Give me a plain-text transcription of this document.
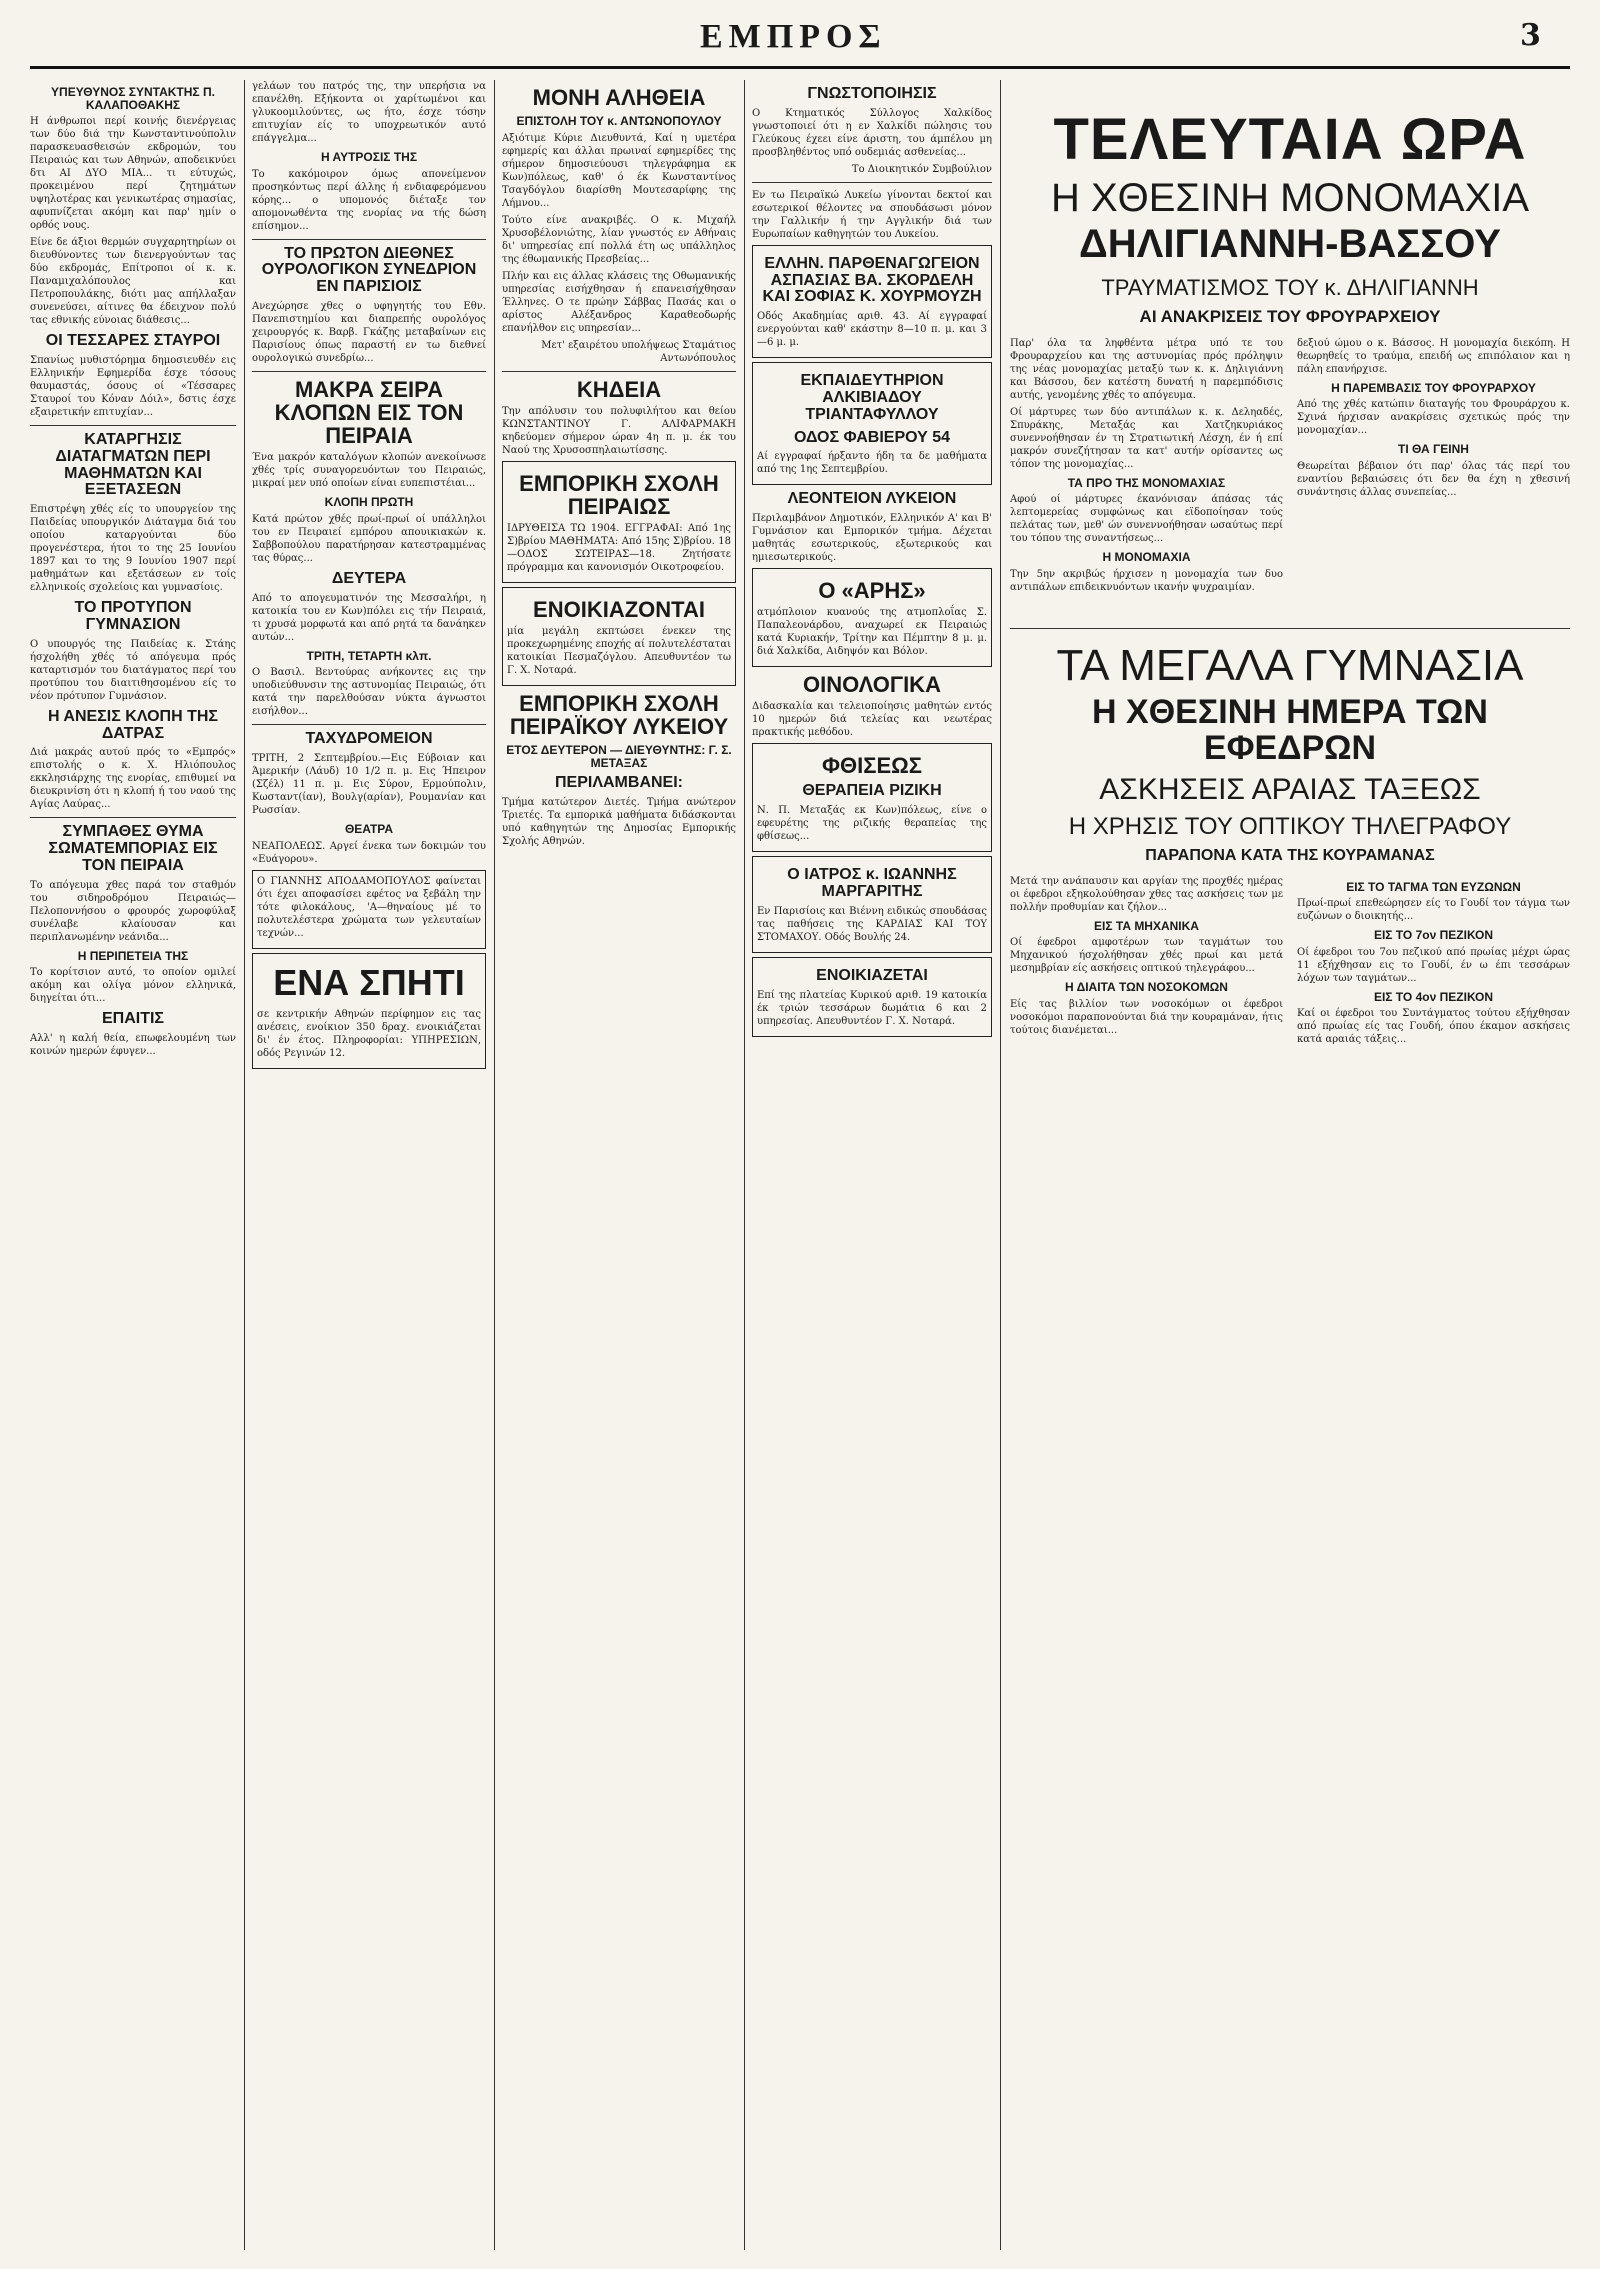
ΕΜΠΡΟΣ	3
ΥΠΕΥΘΥΝΟΣ ΣΥΝΤΑΚΤΗΣ Π. ΚΑΛΑΠΟΘΑΚΗΣ

Η άνθρωποι περί κοινής διενέργειας των δύο διά την Κωνσταντινούπολιν παρασκευασθεισών εκδρομών, του Πειραιώς και των Αθηνών, αποδεικνύει δτι ΑΙ ΔΥΟ ΜΙΑ... τι εύτυχώς, προκειμένου περί ζητημάτων υψηλοτέρας και γενικωτέρας σημασίας, αφυπνίζεται ακόμη και παρ' ημίν ο ορθός νους.

Είνε δε άξιοι θερμών συγχαρητηρίων οι διευθύνοντες των διενεργούντων τας δύο εκδρομάς, Επίτροποι οί κ. κ. Παναμιχαλόπουλος και Πετροπουλάκης, διότι μας απήλλαξαν συνενεύσει, αίτινες θα έδειχνον πολύ τας εθνικής εύνοιας διάθεσις...

ΟΙ ΤΕΣΣΑΡΕΣ ΣΤΑΥΡΟΙ

Σπανίως μυθιστόρημα δημοσιευθέν εις Ελληνικήν Εφημερίδα έσχε τόσους θαυμαστάς, όσους οί «Τέσσαρες Σταυροί του Κόναν Δόιλ», δστις έσχε εξαιρετικήν επιτυχίαν...

ΚΑΤΑΡΓΗΣΙΣ ΔΙΑΤΑΓΜΑΤΩΝ ΠΕΡΙ ΜΑΘΗΜΑΤΩΝ ΚΑΙ ΕΞΕΤΑΣΕΩΝ

Επιστρέψη χθές είς το υπουργείον της Παιδείας υπουργικόν Διάταγμα διά του οποίου καταργούνται δύο προγενέστερα, ήτοι το της 25 Ιουνίου 1897 και το της 9 Ιουνίου 1907 περί μαθημάτων και εξετάσεων εν τοίς ελληνικοίς σχολείοις και γυμνασίοις.

ΤΟ ΠΡΟΤΥΠΟΝ ΓΥΜΝΑΣΙΟΝ

Ο υπουργός της Παιδείας κ. Στάης ήσχολήθη χθές τό απόγευμα πρός καταρτισμόν του διατάγματος περί του προτύπου του διαιτιθησομένου είς το νέον πρότυπον Γυμνάσιον.

Η ΑΝΕΣΙΣ ΚΛΟΠΗ ΤΗΣ ΔΑΤΡΑΣ

Διά μακράς αυτού πρός το «Εμπρός» επιστολής ο κ. Χ. Ηλιόπουλος εκκλησιάρχης της ενορίας, επιθυμεί να διευκρινίση ότι η κλοπή ή του ναού της Αγίας Λαύρας...

ΣΥΜΠΑΘΕΣ ΘΥΜΑ ΣΩΜΑΤΕΜΠΟΡΙΑΣ ΕΙΣ ΤΟΝ ΠΕΙΡΑΙΑ

Το απόγευμα χθες παρά τον σταθμόν του σιδηροδρόμου Πειραιώς—Πελοποννήσου ο φρουρός χωροφύλαξ συνέλαβε κλαίουσαν και περιπλανωμένην νεάνιδα...

Η ΠΕΡΙΠΕΤΕΙΑ ΤΗΣ

Το κορίτσιον αυτό, το οποίον ομιλεί ακόμη και ολίγα μόνον ελληνικά, διηγείται ότι...

ΕΠΑΙΤΙΣ

Αλλ' η καλή θεία, επωφελουμένη των κοινών ημερών έφυγεν...

γελάων του πατρός της, την υπερήσια να επανέλθη. Εξήκοντα οι χαρίτωμένοι και γλυκοομιλούντες, ως ήτο, έσχε τόσην επιτυχίαν είς το υποχρεωτικόν αυτό επάγγελμα...

Η ΑΥΤΡΟΣΙΣ ΤΗΣ

Το κακόμοιρον όμως απονείμενον προσηκόντως περί άλλης ή ενδιαφερόμενου κόρης... ο υπομονός διέταξε τον απομονωθέντα της ενορίας να τής δώση επίσημον...

ΤΟ ΠΡΩΤΟΝ ΔΙΕΘΝΕΣ ΟΥΡΟΛΟΓΙΚΟΝ ΣΥΝΕΔΡΙΟΝ ΕΝ ΠΑΡΙΣΙΟΙΣ

Ανεχώρησε χθες ο υφηγητής του Εθν. Πανεπιστημίου και διαπρεπής ουρολόγος χειρουργός κ. Βαρβ. Γκάζης μεταβαίνων εις Παρισίους όπως παραστή εν τω διεθνεί ουρολογικώ συνεδρίω...

ΜΑΚΡΑ ΣΕΙΡΑ ΚΛΟΠΩΝ ΕΙΣ ΤΟΝ ΠΕΙΡΑΙΑ

Ένα μακρόν καταλόγων κλοπών ανεκοίνωσε χθές τρίς συναγορευόντων του Πειραιώς, μικραί μεν υπό οποίων είναι ευπεπιστέιαι...

ΚΛΟΠΗ ΠΡΩΤΗ

Κατά πρώτον χθές πρωί-πρωί οί υπάλληλοι του εν Πειραιεί εμπόρου απουικιακών κ. Σαββοπούλου παρατήρησαν κατεστραμμένας τας θύρας...

ΔΕΥΤΕΡΑ

Από το απογευματινόν της Μεσσαλήρι, η κατοικία του εν Κων)πόλει εις τήν Πειραιά, τι χρυσά μορφωτά και από ρητά τα δανάηκεν αυτών...

ΤΡΙΤΗ, ΤΕΤΑΡΤΗ κλπ.

Ο Βασιλ. Βεντούρας ανήκοντες εις την υποδιεύθυνσιν της αστυνομίας Πειραιώς, ότι κατά την παρελθούσαν νύκτα άγνωστοι εισήλθον...

ΤΑΧΥΔΡΟΜΕΙΟΝ

ΤΡΙΤΗ, 2 Σεπτεμβρίου.—Εις Εύβοιαν και Άμερικήν (Λάυδ) 10 1/2 π. μ. Εις Ήπειρον (Σζέλ) 11 π. μ. Εις Σύρον, Ερμούπολιν, Κωσταντ(ίαν), Βουλγ(αρίαν), Ρουμανίαν και Ρωσσίαν.

ΘΕΑΤΡΑ

ΝΕΑΠΟΛΕΩΣ. Αργεί ένεκα των δοκιμών του «Ευάγορου».

Ο ΓΙΑΝΝΗΣ ΑΠΟΔΑΜΟΠΟΥΛΟΣ φαίνεται ότι έχει αποφασίσει εφέτος να ξεβάλη την τότε φιλοκάλους, 'Α—θηναίους μέ το πολυτελέστερα χρώματα των γελευταίων τεχνών...

ΕΝΑ ΣΠΗΤΙ

σε κεντρικήν Αθηνών περίφημον εις τας ανέσεις, ενοίκιον 350 δραχ. ενοικιάζεται δι' έν έτος. Πληροφορίαι: ΥΠΗΡΕΣΙΩΝ, οδός Ρεγινών 12.

ΜΟΝΗ ΑΛΗΘΕΙΑ
ΕΠΙΣΤΟΛΗ ΤΟΥ κ. ΑΝΤΩΝΟΠΟΥΛΟΥ

Αξιότιμε Κύριε Διευθυντά, Καί η υμετέρα εφημερίς και άλλαι πρωιναί εφημερίδες της σήμερον δημοσιεύουσι τηλεγράφημα εκ Κων)πόλεως, καθ' ό έκ Κωνσταντίνος Τσαγδόγλου διαρίσθη Μουτεσαρίφης της Λήμνου...

Τούτο είνε ανακριβές. Ο κ. Μιχαήλ Χρυσοβέλονιώτης, λίαν γνωστός εν Αθήναις δι' υπηρεσίας επί πολλά έτη ως υπάλληλος της έθωμανικής Πρεσβείας...

Πλήν και εις άλλας κλάσεις της Οθωμανικής υπηρεσίας εισήχθησαν ή επανεισήχθησαν Έλληνες. Ο τε πρώην Σάββας Πασάς και ο αρίστος Αλέξανδρος Καραθεοδωρής επανήλθον εις υπηρεσίαν...

Μετ' εξαιρέτου υπολήψεως Σταμάτιος Αντωνόπουλος

ΚΗΔΕΙΑ

Την απόλυσιν του πολυφιλήτου και θείου ΚΩΝΣΤΑΝΤΙΝΟΥ Γ. ΑΛΙΦΑΡΜΑΚΗ κηδεύομεν σήμερον ώραν 4η π. μ. έκ του Ναού της Χρυσοσπηλαιωτίσσης.

ΕΜΠΟΡΙΚΗ ΣΧΟΛΗ ΠΕΙΡΑΙΩΣ

ΙΔΡΥΘΕΙΣΑ ΤΩ 1904. ΕΓΓΡΑΦΑΙ: Από 1ης Σ)βρίου ΜΑΘΗΜΑΤΑ: Από 15ης Σ)βρίου. 18—ΟΔΟΣ ΣΩΤΕΙΡΑΣ—18. Ζητήσατε πρόγραμμα και κανονισμόν Οικοτροφείου.

ΕΝΟΙΚΙΑΖΟΝΤΑΙ

μία μεγάλη εκπτώσει ένεκεν της προκεχωρημένης εποχής αί πολυτελέσταται κατοικίαι Πεσμαζόγλου. Απευθυντέον τω Γ. Χ. Νοταρά.

ΕΜΠΟΡΙΚΗ ΣΧΟΛΗ ΠΕΙΡΑΪΚΟΥ ΛΥΚΕΙΟΥ
ΕΤΟΣ ΔΕΥΤΕΡΟΝ — ΔΙΕΥΘΥΝΤΗΣ: Γ. Σ. ΜΕΤΑΞΑΣ
ΠΕΡΙΛΑΜΒΑΝΕΙ:

Τμήμα κατώτερον Διετές. Τμήμα ανώτερον Τριετές. Τα εμπορικά μαθήματα διδάσκονται υπό καθηγητών της Δημοσίας Εμπορικής Σχολής Αθηνών.

ΓΝΩΣΤΟΠΟΙΗΣΙΣ

Ο Κτηματικός Σύλλογος Χαλκίδος γνωστοποιεί ότι η εν Χαλκίδι πώλησις του Γλεύκους έχεει είνε άριστη, του άμπέλου μη προσβληθέντος υπό ουδεμιάς ασθενείας...

Το Διοικητικόν Συμβούλιον

Εν τω Πειραϊκώ Λυκείω γίνονται δεκτοί και εσωτερικοί θέλοντες να σπουδάσωσι μόνον την Γαλλικήν ή την Αγγλικήν διά των Ευρωπαίων καθηγητών του Λυκείου.

ΕΛΛΗΝ. ΠΑΡΘΕΝΑΓΩΓΕΙΟΝ ΑΣΠΑΣΙΑΣ ΒΑ. ΣΚΟΡΔΕΛΗ ΚΑΙ ΣΟΦΙΑΣ Κ. ΧΟΥΡΜΟΥΖΗ

Οδός Ακαδημίας αριθ. 43. Αί εγγραφαί ενεργούνται καθ' εκάστην 8—10 π. μ. και 3—6 μ. μ.

ΕΚΠΑΙΔΕΥΤΗΡΙΟΝ ΑΛΚΙΒΙΑΔΟΥ ΤΡΙΑΝΤΑΦΥΛΛΟΥ
ΟΔΟΣ ΦΑΒΙΕΡΟΥ 54

Αί εγγραφαί ήρξαντο ήδη τα δε μαθήματα από της 1ης Σεπτεμβρίου.

ΛΕΟΝΤΕΙΟΝ ΛΥΚΕΙΟΝ

Περιλαμβάνον Δημοτικόν, Ελληνικόν Α' και Β' Γυμνάσιον και Εμπορικόν τμήμα. Δέχεται μαθητάς εσωτερικούς, εξωτερικούς και ημιεσωτερικούς.

Ο «ΑΡΗΣ»

ατμόπλοιον κυανούς της ατμοπλοΐας Σ. Παπαλεονάρδου, αναχωρεί εκ Πειραιώς κατά Κυριακήν, Τρίτην και Πέμπτην 8 μ. μ. διά Χαλκίδα, Αιδηψόν και Βόλον.

ΟΙΝΟΛΟΓΙΚΑ

Διδασκαλία και τελειοποίησις μαθητών εντός 10 ημερών διά τελείας και νεωτέρας πρακτικής μεθόδου.

ΦΘΙΣΕΩΣ
ΘΕΡΑΠΕΙΑ ΡΙΖΙΚΗ

Ν. Π. Μεταξάς εκ Κων)πόλεως, είνε ο εφευρέτης της ριζικής θεραπείας της φθίσεως...

Ο ΙΑΤΡΟΣ κ. ΙΩΑΝΝΗΣ ΜΑΡΓΑΡΙΤΗΣ

Εν Παρισίοις και Βιέννη ειδικώς σπουδάσας τας παθήσεις της ΚΑΡΔΙΑΣ ΚΑΙ ΤΟΥ ΣΤΟΜΑΧΟΥ. Οδός Βουλής 24.

ΕΝΟΙΚΙΑΖΕΤΑΙ

Επί της πλατείας Κυρικού αριθ. 19 κατοικία έκ τριών τεσσάρων δωμάτια 6 και 2 υπηρεσίας. Απευθυντέον Γ. Χ. Νοταρά.

ΤΕΛΕΥΤΑΙΑ ΩΡΑ
Η ΧΘΕΣΙΝΗ ΜΟΝΟΜΑΧΙΑ
ΔΗΛΙΓΙΑΝΝΗ-ΒΑΣΣΟΥ
ΤΡΑΥΜΑΤΙΣΜΟΣ ΤΟΥ κ. ΔΗΛΙΓΙΑΝΝΗ
ΑΙ ΑΝΑΚΡΙΣΕΙΣ ΤΟΥ ΦΡΟΥΡΑΡΧΕΙΟΥ

Παρ' όλα τα ληφθέντα μέτρα υπό τε του Φρουραρχείου και της αστυνομίας πρός πρόληψιν της νέας μονομαχίας μεταξύ των κ. κ. Δηλιγιάννη και Βάσσου, δεν κατέστη δυνατή η παρεμπόδισις αυτής, γενομένης χθές το απόγευμα.

Οί μάρτυρες των δύο αντιπάλων κ. κ. Δεληαδές, Σπυράκης, Μεταξάς και Χατζηκυριάκος συνεννοήθησαν έν τη Στρατιωτική Λέσχη, έν ή επί μακρόν συνεζήτησαν τα κατ' αυτήν ορίσαντες ως τόπον της μονομαχίας...

ΤΑ ΠΡΟ ΤΗΣ ΜΟΝΟΜΑΧΙΑΣ

Αφού οί μάρτυρες έκανόνισαν άπάσας τάς λεπτομερείας συμφώνως και εϊδοποίησαν τούς πελάτας των, μεθ' ών συνεννοήθησαν ωσαύτως περί του τόπου της συναντήσεως...

Η ΜΟΝΟΜΑΧΙΑ

Την 5ην ακριβώς ήρχισεν η μονομαχία των δυο αντιπάλων επιδεικνυόντων ικανήν ψυχραιμίαν.

δεξιού ώμου ο κ. Βάσσος. Η μονομαχία διεκόπη. Η θεωρηθείς το τραύμα, επειδή ως επιπόλαιον και η πάλη επανήρχισε.

Η ΠΑΡΕΜΒΑΣΙΣ ΤΟΥ ΦΡΟΥΡΑΡΧΟΥ

Από της χθές κατώπιν διαταγής του Φρουράρχου κ. Σχινά ήρχισαν ανακρίσεις σχετικώς πρός την μονομαχίαν...

ΤΙ ΘΑ ΓΕΙΝΗ

Θεωρείται βέβαιον ότι παρ' όλας τάς περί του εναντίου βεβαιώσεις ότι δεν θα έχη η χθεσινή συνάντησις άλλας συνεπείας...

ΤΑ ΜΕΓΑΛΑ ΓΥΜΝΑΣΙΑ
Η ΧΘΕΣΙΝΗ ΗΜΕΡΑ ΤΩΝ ΕΦΕΔΡΩΝ
ΑΣΚΗΣΕΙΣ ΑΡΑΙΑΣ ΤΑΞΕΩΣ
Η ΧΡΗΣΙΣ ΤΟΥ ΟΠΤΙΚΟΥ ΤΗΛΕΓΡΑΦΟΥ
ΠΑΡΑΠΟΝΑ ΚΑΤΑ ΤΗΣ ΚΟΥΡΑΜΑΝΑΣ

Μετά την ανάπαυσιν και αργίαν της προχθές ημέρας οι έφεδροι εξηκολούθησαν χθες τας ασκήσεις των με πολλήν προθυμίαν και ζήλον...

ΕΙΣ ΤΑ ΜΗΧΑΝΙΚΑ

Οί έφεδροι αμφοτέρων των ταγμάτων του Μηχανικού ήσχολήθησαν χθές πρωί και μετά μεσημβρίαν είς ασκήσεις οπτικού τηλεγράφου...

Η ΔΙΑΙΤΑ ΤΩΝ ΝΟΣΟΚΟΜΩΝ

Είς τας βιλλίον των νοσοκόμων οι έφεδροι νοσοκόμοι παραπονούνται διά την κουραμάναν, ήτις τούτοις διανέμεται...

ΕΙΣ ΤΟ ΤΑΓΜΑ ΤΩΝ ΕΥΖΩΝΩΝ

Πρωί-πρωί επεθεώρησεν είς το Γουδί τον τάγμα των ευζώνων ο διοικητής...

ΕΙΣ ΤΟ 7ον ΠΕΖΙΚΟΝ

Οί έφεδροι του 7ου πεζικού από πρωίας μέχρι ώρας 11 εξήχθησαν εις το Γουδί, έν ω έπι τεσσάρων λόχων των ταγμάτων...

ΕΙΣ ΤΟ 4ον ΠΕΖΙΚΟΝ

Καί οι έφεδροι του Συντάγματος τούτου εξήχθησαν από πρωίας είς τας Γουδή, όπου έκαμον ασκήσεις κατά αραιάς τάξεις...
